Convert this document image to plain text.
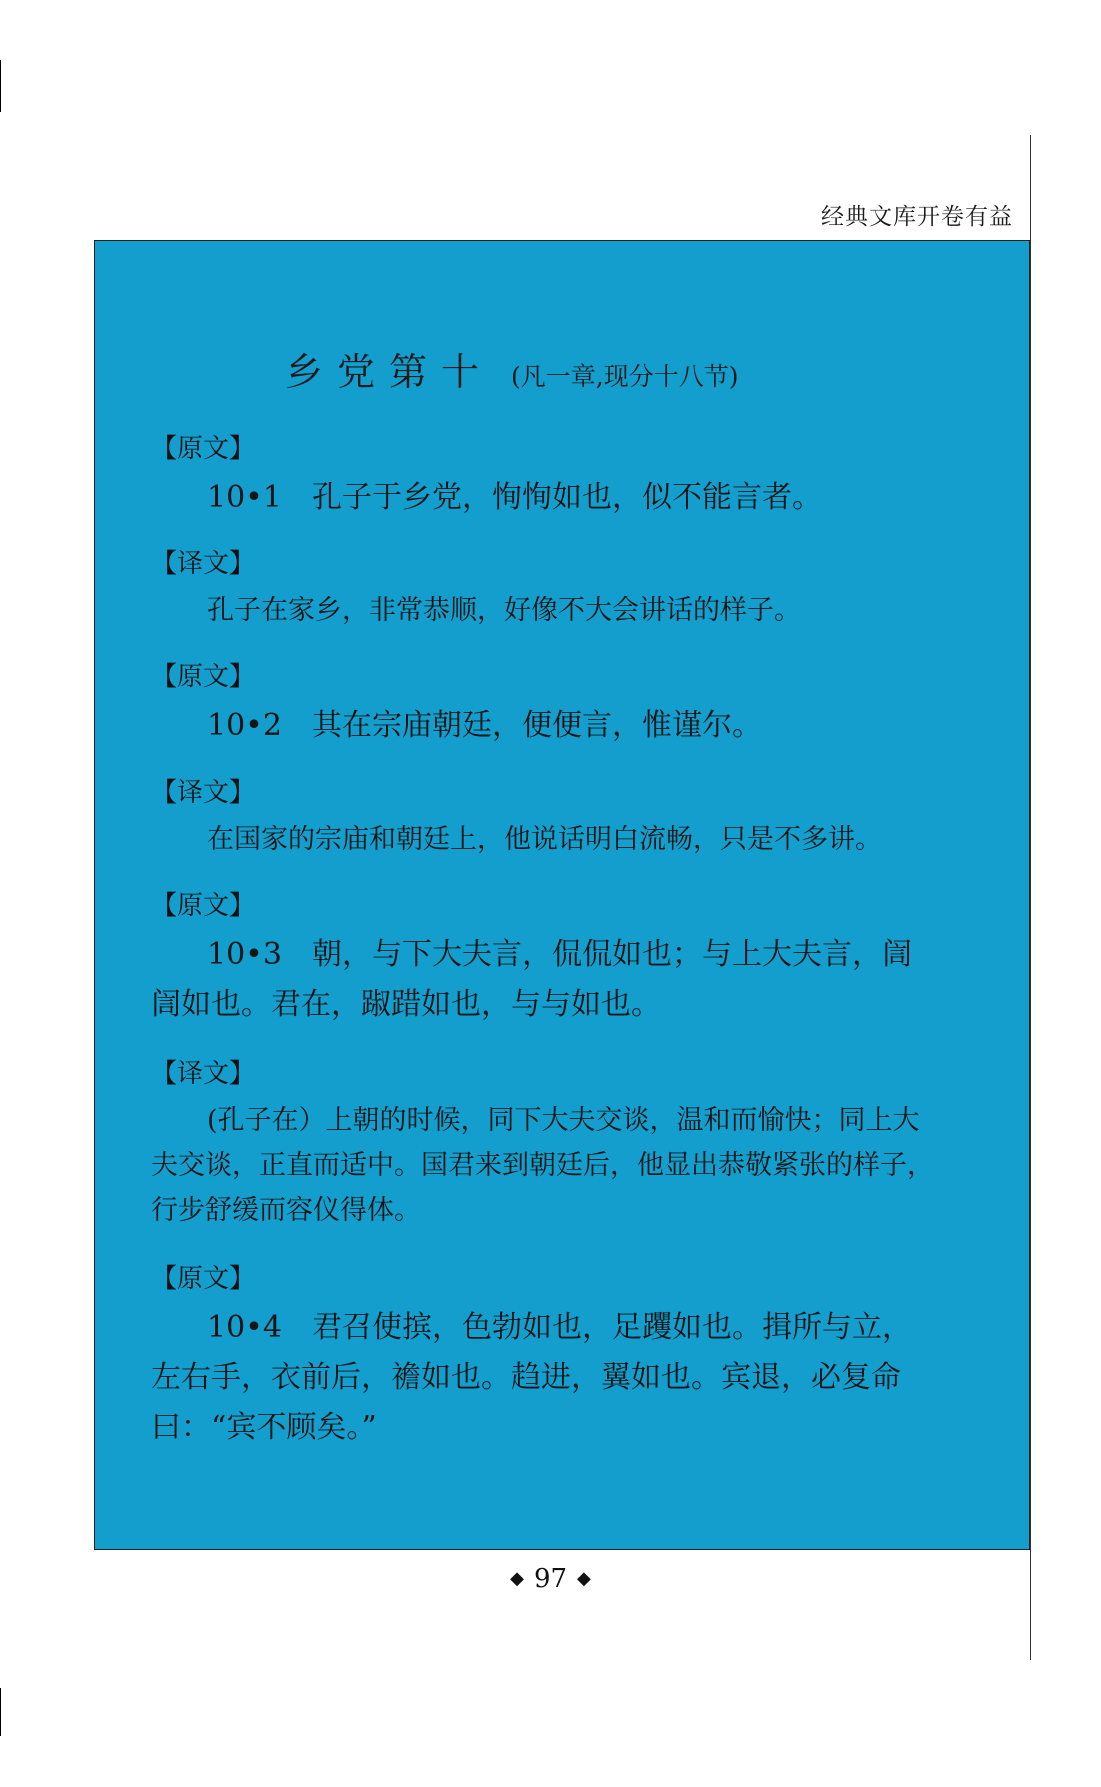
经典文库开卷有益
乡党第十 (凡一章,现分十八节)
【原文】
10•1　孔子于乡党，恂恂如也，似不能言者。
【译文】
孔子在家乡，非常恭顺，好像不大会讲话的样子。
【原文】
10•2　其在宗庙朝廷，便便言，惟谨尔。
【译文】
在国家的宗庙和朝廷上，他说话明白流畅，只是不多讲。
【原文】
10•3　朝，与下大夫言，侃侃如也；与上大夫言，訚訚如也。君在，踧踖如也，与与如也。
【译文】
(孔子在）上朝的时候，同下大夫交谈，温和而愉快；同上大夫交谈，正直而适中。国君来到朝廷后，他显出恭敬紧张的样子，行步舒缓而容仪得体。
【原文】
10•4　君召使摈，色勃如也，足躩如也。揖所与立，左右手，衣前后，襜如也。趋进，翼如也。宾退，必复命曰：“宾不顾矣。”
◆ 97 ◆
